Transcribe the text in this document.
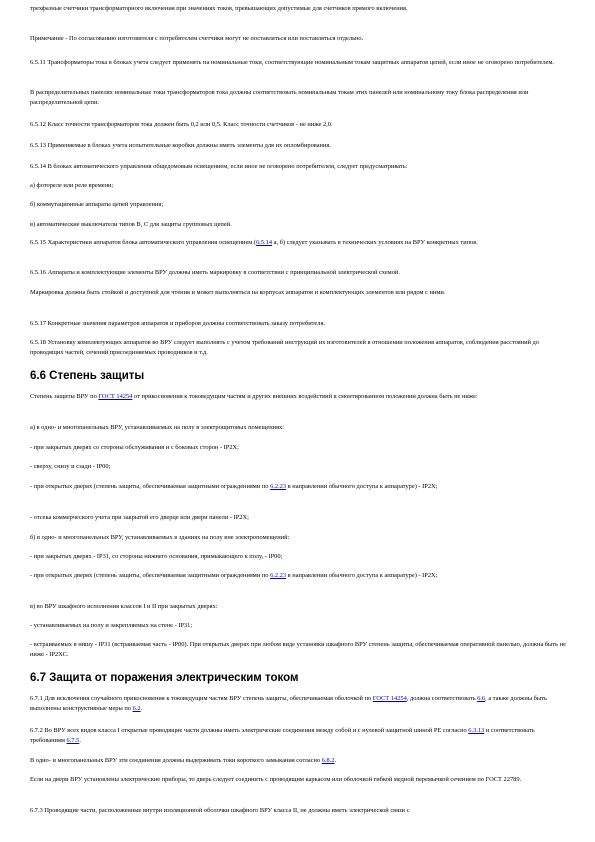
трехфазные счетчики трансформаторного включения при значениях токов, превышающих допустимые для счетчиков прямого включения.

Примечание - По согласованию изготовителя с потребителем счетчики могут не поставляться или поставляться отдельно.

6.5.11 Трансформаторы тока в блоках учета следует применять на номинальные токи, соответствующие номинальным токам защитных аппаратов цепей, если иное не оговорено потребителем.

В распределительных панелях номинальные токи трансформаторов тока должны соответствовать номинальным токам этих панелей или номинальному току блока распределения или распределительной цепи.

6.5.12 Класс точности трансформаторов тока должен быть 0,2 или 0,5. Класс точности счетчиков - не ниже 2,0.

6.5.13 Применяемые в блоках учета испытательные коробки должны иметь элементы для их опломбирования.

6.5.14 В блоках автоматического управления общедомовым освещением, если иное не оговорено потребителем, следует предусматривать:

а) фотореле или реле времени;

б) коммутационные аппараты цепей управления;

в) автоматические выключатели типов В, С для защиты групповых цепей.

6.5.15 Характеристики аппаратов блока автоматического управления освещением (6.5.14 а, б) следует указывать в технических условиях на ВРУ конкретных типов.

6.5.16 Аппараты и комплектующие элементы ВРУ должны иметь маркировку в соответствии с принципиальной электрической схемой.

Маркировка должна быть стойкой и доступной для чтения и может выполняться на корпусах аппаратов и комплектующих элементов или рядом с ними.

6.5.17 Конкретные значения параметров аппаратов и приборов должны соответствовать заказу потребителя.

6.5.18 Установку комплектующих аппаратов во ВРУ следует выполнять с учетом требований инструкций их изготовителей в отношении положения аппаратов, соблюдения расстояний до проводящих частей, сечений присоединяемых проводников и т.д.

6.6 Степень защиты

Степень защиты ВРУ по ГОСТ 14254 от прикосновения к токоведущим частям и других внешних воздействий в смонтированном положении должна быть не ниже:

а) в одно- и многопанельных ВРУ, устанавливаемых на полу в электрощитовых помещениях:

- при закрытых дверях со стороны обслуживания и с боковых сторон - IP2Х;

- сверху, снизу и сзади - IP00;

- при открытых дверях (степень защиты, обеспечиваемая защитными ограждениями по 6.2.23 в направлении обычного доступа к аппаратуре) - IP2Х;

- отсека коммерческого учета при закрытой его дверце или двери панели - IP2Х;

б) в одно- и многопанельных ВРУ, устанавливаемых в зданиях на полу вне электропомещений:

- при закрытых дверях - IP31, со стороны нижнего основания, примыкающего к полу, - IP00;

- при открытых дверях (степень защиты, обеспечиваемая защитными ограждениями по 6.2.23 в направлении обычного доступа к аппаратуре) - IP2Х;

в) во ВРУ шкафного исполнения классов I и II при закрытых дверях:

- устанавливаемых на полу и закрепляемых на стене - IP31;

- встраиваемых в нишу - IP31 (встраиваемая часть - IP00). При открытых дверях при любом виде установки шкафного ВРУ степень защиты, обеспечиваемая оперативной панелью, должна быть не ниже - IP2ХС.

6.7 Защита от поражения электрическим током

6.7.1 Для исключения случайного прикосновения к токоведущим частям ВРУ степень защиты, обеспечиваемая оболочкой по ГОСТ 14254, должна соответствовать 6.6, а также должны быть выполнены конструктивные меры по 6.2.

6.7.2 Во ВРУ всех видов класса I открытые проводящие части должны иметь электрические соединения между собой и с нулевой защитной шиной РЕ согласно 6.3.13 и соответствовать требованиям 6.7.5.

В одно- и многопанельных ВРУ эти соединения должны выдерживать токи короткого замыкания согласно 6.8.2.

Если на двери ВРУ установлены электрические приборы, то дверь следует соединить с проводящим каркасом или оболочкой гибкой медной перемычкой сечением по ГОСТ 22789.

6.7.3 Проводящие части, расположенные внутри изоляционной оболочки шкафного ВРУ класса II, не должны иметь электрической связи с
